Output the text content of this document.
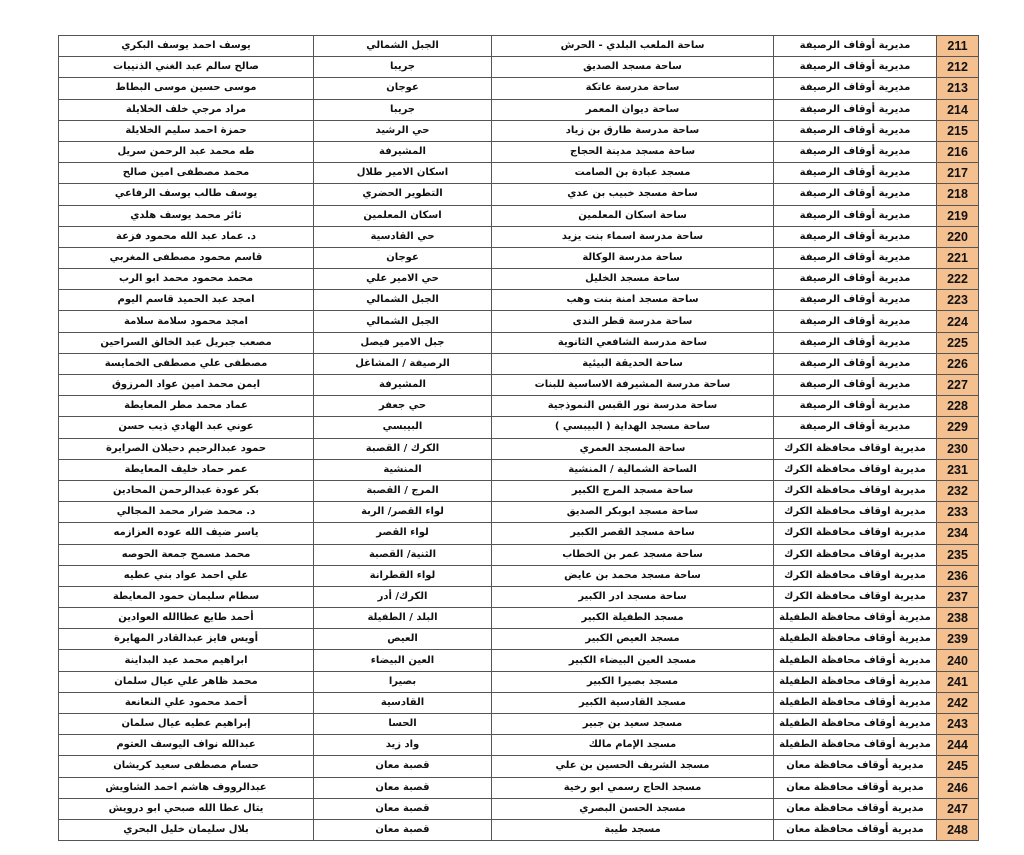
211	مديرية أوقاف الرصيفة	ساحة الملعب البلدي - الحرش	الجبل الشمالي	يوسف احمد يوسف البكري
212	مديرية أوقاف الرصيفة	ساحة مسجد الصديق	جريبا	صالح سالم عبد الغني الذنيبات
213	مديرية أوقاف الرصيفة	ساحة مدرسة عاتكة	عوجان	موسى حسين موسى البطاط
214	مديرية أوقاف الرصيفة	ساحة ديوان المعمر	جريبا	مراد مرجي خلف الخلايلة
215	مديرية أوقاف الرصيفة	ساحة مدرسة طارق بن زياد	حي الرشيد	حمزة احمد سليم الخلايلة
216	مديرية أوقاف الرصيفة	ساحة مسجد مدينة الحجاج	المشيرفة	طه محمد عبد الرحمن سريل
217	مديرية أوقاف الرصيفة	مسجد عبادة بن الصامت	اسكان الامير طلال	محمد مصطفى امين صالح
218	مديرية أوقاف الرصيفة	ساحة مسجد خبيب بن عدي	التطوير الحضري	يوسف طالب يوسف الرفاعي
219	مديرية أوقاف الرصيفة	ساحة اسكان المعلمين	اسكان المعلمين	ثائر محمد يوسف هلدي
220	مديرية أوقاف الرصيفة	ساحة مدرسة اسماء بنت يزيد	حي القادسية	د. عماد عبد الله محمود فزعة
221	مديرية أوقاف الرصيفة	ساحة مدرسة الوكالة	عوجان	قاسم محمود مصطفى المغربي
222	مديرية أوقاف الرصيفة	ساحة مسجد الخليل	حي الامير علي	محمد محمود محمد ابو الرب
223	مديرية أوقاف الرصيفة	ساحة مسجد امنة بنت وهب	الجبل الشمالي	امجد عبد الحميد قاسم اليوم
224	مديرية أوقاف الرصيفة	ساحة مدرسة قطر الندى	الجبل الشمالي	امجد محمود سلامة سلامة
225	مديرية أوقاف الرصيفة	ساحة مدرسة الشافعي الثانوية	جبل الامير فيصل	مصعب جبريل عبد الخالق السراحين
226	مديرية أوقاف الرصيفة	ساحة الحديقة البيئية	الرصيفة / المشاغل	مصطفى علي مصطفى الخمايسة
227	مديرية أوقاف الرصيفة	ساحة مدرسة المشيرفة الاساسية للبنات	المشيرفة	ايمن محمد امين عواد المرزوق
228	مديرية أوقاف الرصيفة	ساحة مدرسة نور القبس النموذجية	حي جعفر	عماد محمد مطر المعايطة
229	مديرية أوقاف الرصيفة	ساحة مسجد الهداية ( البيبسي )	البيبسي	عوني عبد الهادي ذيب حسن
230	مديرية اوقاف محافظة الكرك	ساحة المسجد العمري	الكرك / القصبة	حمود عبدالرحيم دحيلان الصرايرة
231	مديرية اوقاف محافظة الكرك	الساحة الشمالية / المنشية	المنشية	عمر حماد خليف المعايطة
232	مديرية اوقاف محافظة الكرك	ساحة مسجد المرج الكبير	المرج / القصبة	بكر عودة عبدالرحمن المحادين
233	مديرية اوقاف محافظة الكرك	ساحة مسجد ابوبكر الصديق	لواء القصر/ الربة	د. محمد ضرار محمد المجالي
234	مديرية اوقاف محافظة الكرك	ساحة مسجد القصر الكبير	لواء القصر	ياسر ضيف الله عوده العزازمه
235	مديرية اوقاف محافظة الكرك	ساحة مسجد عمر بن الخطاب	الثنية/ القصبة	محمد مسمح جمعة الحوصه
236	مديرية اوقاف محافظة الكرك	ساحة مسجد محمد بن عايض	لواء القطرانة	علي احمد عواد بني عطيه
237	مديرية اوقاف محافظة الكرك	ساحة مسجد ادر الكبير	الكرك/ أدر	سطام سليمان حمود المعايطة
238	مديرية أوقاف محافظة الطفيلة	مسجد الطفيلة الكبير	البلد / الطفيلة	أحمد طايع عطاالله العوادين
239	مديرية أوقاف محافظة الطفيلة	مسجد العيص الكبير	العيص	أويس فايز عبدالقادر المهايرة
240	مديرية أوقاف محافظة الطفيلة	مسجد العين البيضاء الكبير	العين البيضاء	ابراهيم محمد عيد البداينة
241	مديرية أوقاف محافظة الطفيلة	مسجد بصيرا الكبير	بصيرا	محمد ظاهر علي عيال سلمان
242	مديرية أوقاف محافظة الطفيلة	مسجد القادسية الكبير	القادسية	أحمد محمود علي النعانعة
243	مديرية أوقاف محافظة الطفيلة	مسجد سعيد بن جبير	الحسا	إبراهيم عطيه عيال سلمان
244	مديرية أوقاف محافظة الطفيلة	مسجد الإمام مالك	واد زيد	عبدالله نواف اليوسف العتوم
245	مديرية أوقاف محافظة معان	مسجد الشريف الحسين بن علي	قصبة معان	حسام مصطفى سعيد كريشان
246	مديرية أوقاف محافظة معان	مسجد الحاج رسمي ابو رخية	قصبة معان	عبدالرووف هاشم احمد الشاويش
247	مديرية أوقاف محافظة معان	مسجد الحسن البصري	قصبة معان	يتال عطا الله صبحي ابو درويش
248	مديرية أوقاف محافظة معان	مسجد طيبة	قصبة معان	بلال سليمان خليل البحري
